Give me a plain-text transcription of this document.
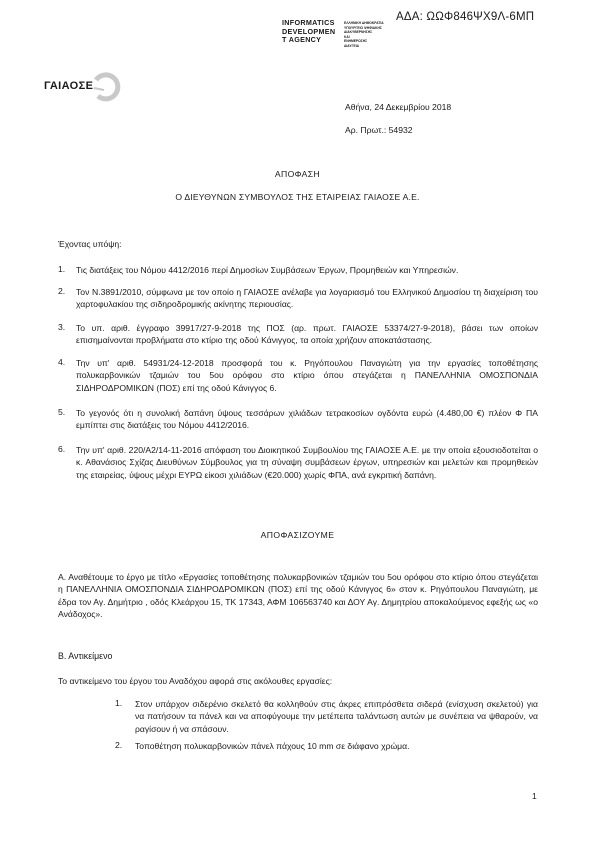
ΑΔΑ: ΩΩΦ846ΨΧ9Λ-6ΜΠ
INFORMATICS
DEVELOPMEN
T AGENCY
ΕΛΛΗΝΙΚΗ ΔΗΜΟΚΡΑΤΙΑ
ΥΠΟΥΡΓΕΙΟ ΨΗΦΙΑΚΗΣ
ΔΙΑΚΥΒΕΡΝΗΣΗΣ
ΚΑΙ
ΕΝΗΜΕΡΩΣΗΣ
ΔΙΑΥΓΕΙΑ
ΓΑΙΑΟΣΕ
Αθήνα, 24 Δεκεμβρίου 2018
Αρ. Πρωτ.: 54932
ΑΠΟΦΑΣΗ
Ο ΔΙΕΥΘΥΝΩΝ ΣΥΜΒΟΥΛΟΣ ΤΗΣ ΕΤΑΙΡΕΙΑΣ ΓΑΙΑΟΣΕ Α.Ε.
Έχοντας υπόψη:
1. Τις διατάξεις του Νόμου 4412/2016 περί Δημοσίων Συμβάσεων Έργων, Προμηθειών και Υπηρεσιών.
2. Τον Ν.3891/2010, σύμφωνα με τον οποίο η ΓΑΙΑΟΣΕ ανέλαβε για λογαριασμό του Ελληνικού Δημοσίου τη διαχείριση του χαρτοφυλακίου της σιδηροδρομικής ακίνητης περιουσίας.
3. Το υπ. αριθ. έγγραφο 39917/27-9-2018 της ΠΟΣ (αρ. πρωτ. ΓΑΙΑΟΣΕ 53374/27-9-2018), βάσει των οποίων επισημαίνονται προβλήματα στο κτίριο της οδού Κάνιγγος, τα οποία χρήζουν αποκατάστασης.
4. Την υπ' αριθ. 54931/24-12-2018 προσφορά του κ. Ρηγόπουλου Παναγιώτη για την εργασίες τοποθέτησης πολυκαρβονικών τζαμιών του 5ου ορόφου στο κτίριο όπου στεγάζεται η ΠΑΝΕΛΛΗΝΙΑ ΟΜΟΣΠΟΝΔΙΑ ΣΙΔΗΡΟΔΡΟΜΙΚΩΝ (ΠΟΣ) επί της οδού Κάνιγγος 6.
5. Το γεγονός ότι η συνολική δαπάνη ύψους τεσσάρων χιλιάδων τετρακοσίων ογδόντα ευρώ (4.480,00 €) πλέον Φ ΠΑ εμπίπτει στις διατάξεις του Νόμου 4412/2016.
6. Την υπ' αριθ. 220/Α2/14-11-2016 απόφαση του Διοικητικού Συμβουλίου της ΓΑΙΑΟΣΕ Α.Ε. με την οποία εξουσιοδοτείται ο κ. Αθανάσιος Σχίζας Διευθύνων Σύμβουλος για τη σύναψη συμβάσεων έργων, υπηρεσιών και μελετών και προμηθειών της εταιρείας, ύψους μέχρι ΕΥΡΩ είκοσι χιλιάδων (€20.000) χωρίς ΦΠΑ, ανά εγκριτική δαπάνη.
ΑΠΟΦΑΣΙΖΟΥΜΕ
Α. Αναθέτουμε το έργο με τίτλο «Εργασίες τοποθέτησης πολυκαρβονικών τζαμιών του 5ου ορόφου στο κτίριο όπου στεγάζεται η ΠΑΝΕΛΛΗΝΙΑ ΟΜΟΣΠΟΝΔΙΑ ΣΙΔΗΡΟΔΡΟΜΙΚΩΝ (ΠΟΣ) επί της οδού Κάνιγγος 6» στον κ. Ρηγόπουλου Παναγιώτη, με έδρα τον Αγ. Δημήτριο , οδός Κλεάρχου 15, ΤΚ 17343, ΑΦΜ 106563740 και ΔΟΥ Αγ. Δημητρίου αποκαλούμενος εφεξής ως «ο Ανάδοχος».
Β. Αντικείμενο
Το αντικείμενο του έργου του Αναδόχου αφορά στις ακόλουθες εργασίες:
1. Στον υπάρχον σιδερένιο σκελετό θα κολληθούν στις άκρες επιπρόσθετα σιδερά (ενίσχυση σκελετού) για να πατήσουν τα πάνελ και να αποφύγουμε την μετέπειτα ταλάντωση αυτών με συνέπεια να ψθαρούν, να ραγίσουν ή να σπάσουν.
2. Τοποθέτηση πολυκαρβονικών πάνελ πάχους 10 mm σε διάφανο χρώμα.
1
